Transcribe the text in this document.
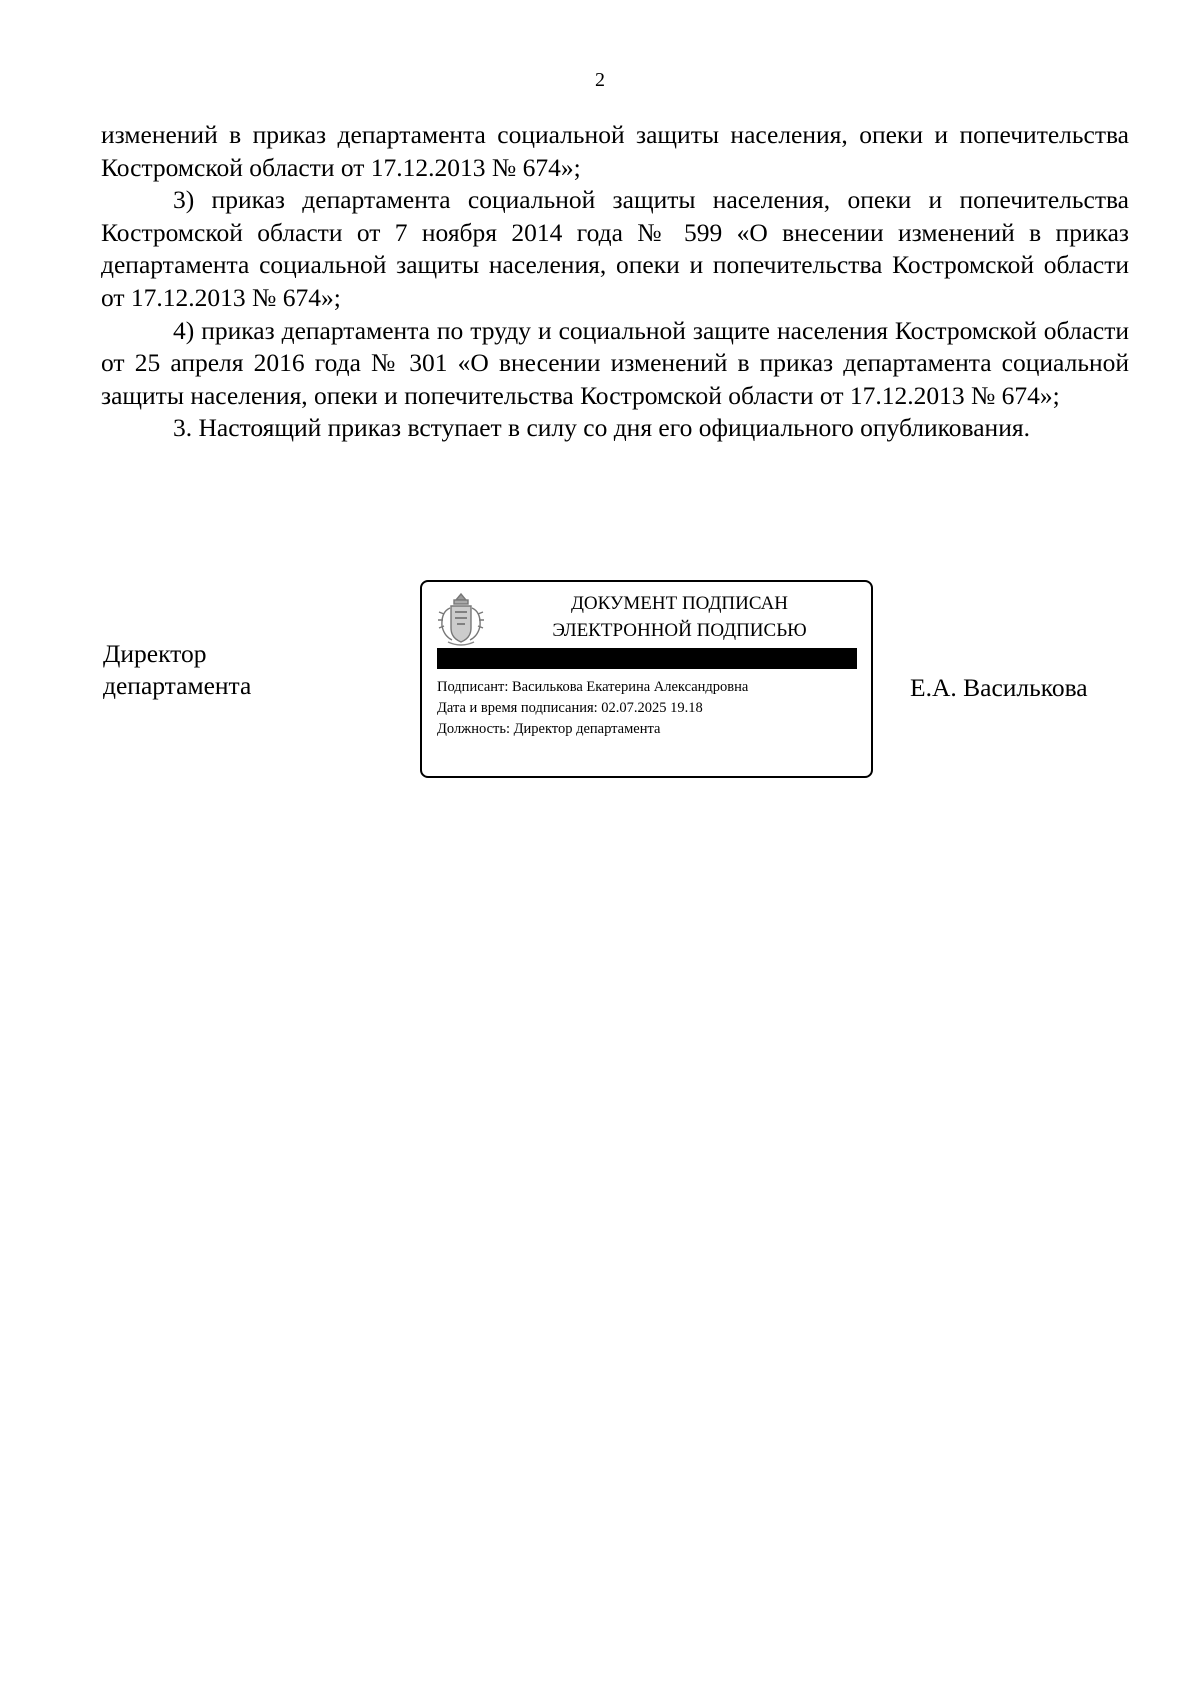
2

изменений в приказ департамента социальной защиты населения, опеки и попечительства Костромской области от 17.12.2013 № 674»;

3) приказ департамента социальной защиты населения, опеки и попечительства Костромской области от 7 ноября 2014 года № 599 «О внесении изменений в приказ департамента социальной защиты населения, опеки и попечительства Костромской области от 17.12.2013 № 674»;

4) приказ департамента по труду и социальной защите населения Костромской области от 25 апреля 2016 года № 301 «О внесении изменений в приказ департамента социальной защиты населения, опеки и попечительства Костромской области от 17.12.2013 № 674»;

3. Настоящий приказ вступает в силу со дня его официального опубликования.

Директор
департамента
ДОКУМЕНТ ПОДПИСАН
ЭЛЕКТРОННОЙ ПОДПИСЬЮ
Подписант: Василькова Екатерина Александровна
Дата и время подписания: 02.07.2025 19.18
Должность: Директор департамента
Е.А. Василькова
